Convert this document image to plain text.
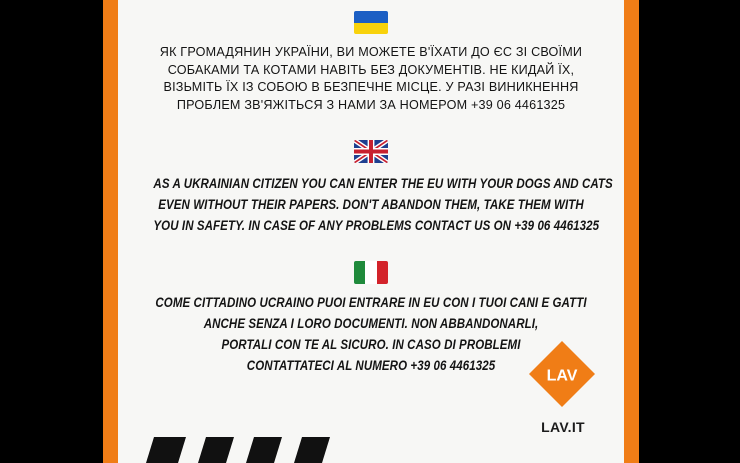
ЯК ГРОМАДЯНИН УКРАЇНИ, ВИ МОЖЕТЕ В'ЇХАТИ ДО ЄС ЗІ СВОЇМИ
СОБАКАМИ ТА КОТАМИ НАВІТЬ БЕЗ ДОКУМЕНТІВ. НЕ КИДАЙ ЇХ,
ВІЗЬМІТЬ ЇХ ІЗ СОБОЮ В БЕЗПЕЧНЕ МІСЦЕ. У РАЗІ ВИНИКНЕННЯ
ПРОБЛЕМ ЗВ'ЯЖІТЬСЯ З НАМИ ЗА НОМЕРОМ +39 06 4461325
AS A UKRAINIAN CITIZEN YOU CAN ENTER THE EU WITH YOUR DOGS AND CATS
EVEN WITHOUT THEIR PAPERS. DON'T ABANDON THEM, TAKE THEM WITH
YOU IN SAFETY. IN CASE OF ANY PROBLEMS CONTACT US ON +39 06 4461325
COME CITTADINO UCRAINO PUOI ENTRARE IN EU CON I TUOI CANI E GATTI
ANCHE SENZA I LORO DOCUMENTI. NON ABBANDONARLI,
PORTALI CON TE AL SICURO. IN CASO DI PROBLEMI
CONTATTATECI AL NUMERO +39 06 4461325
LAV
LAV.IT
